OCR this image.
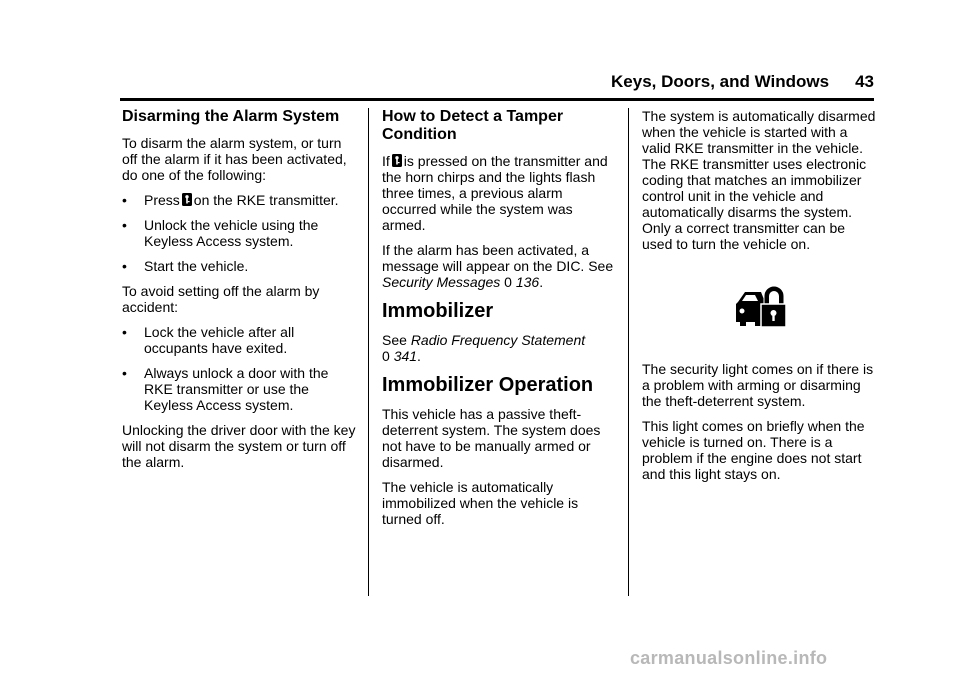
Keys, Doors, and Windows 43
Disarming the Alarm System

To disarm the alarm system, or turn off the alarm if it has been activated, do one of the following:

• Press on the RKE transmitter.
• Unlock the vehicle using the Keyless Access system.
• Start the vehicle.

To avoid setting off the alarm by accident:

• Lock the vehicle after all occupants have exited.
• Always unlock a door with the RKE transmitter or use the Keyless Access system.

Unlocking the driver door with the key will not disarm the system or turn off the alarm.

How to Detect a Tamper Condition

If is pressed on the transmitter and the horn chirps and the lights flash three times, a previous alarm occurred while the system was armed.

If the alarm has been activated, a message will appear on the DIC. See Security Messages 0 136.

Immobilizer

See Radio Frequency Statement
0 341.

Immobilizer Operation

This vehicle has a passive theft-deterrent system. The system does not have to be manually armed or disarmed.

The vehicle is automatically immobilized when the vehicle is turned off.

The system is automatically disarmed when the vehicle is started with a valid RKE transmitter in the vehicle. The RKE transmitter uses electronic coding that matches an immobilizer control unit in the vehicle and automatically disarms the system. Only a correct transmitter can be used to turn the vehicle on.

The security light comes on if there is a problem with arming or disarming the theft-deterrent system.

This light comes on briefly when the vehicle is turned on. There is a problem if the engine does not start and this light stays on.

carmanualsonline.info
